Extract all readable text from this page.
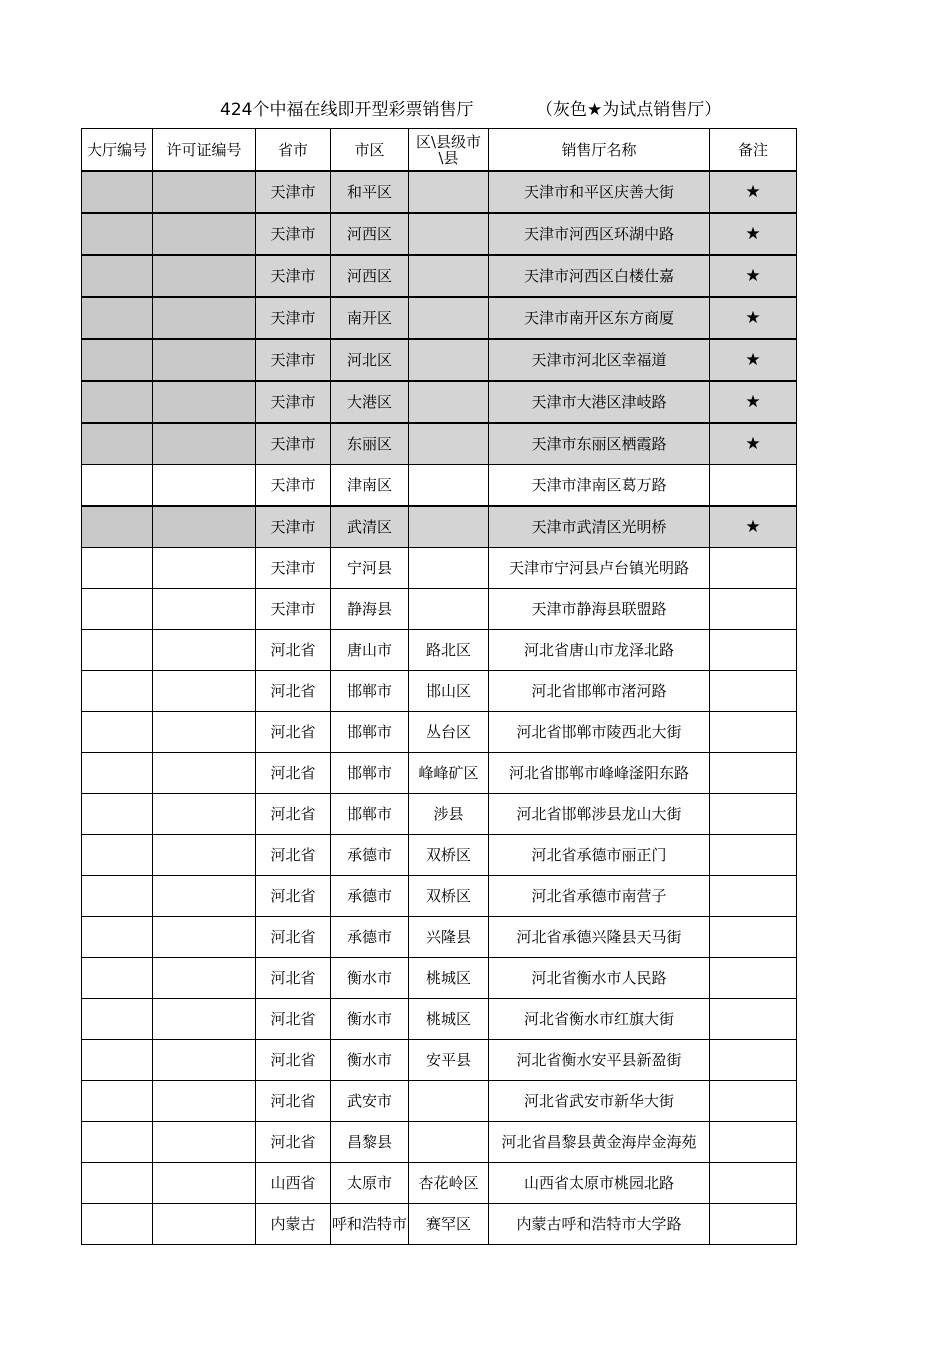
424个中福在线即开型彩票销售厅	（灰色★为试点销售厅）
大厅编号	许可证编号	省市	市区	区\县级市\县	销售厅名称	备注
		天津市	和平区		天津市和平区庆善大街	★
		天津市	河西区		天津市河西区环湖中路	★
		天津市	河西区		天津市河西区白楼仕嘉	★
		天津市	南开区		天津市南开区东方商厦	★
		天津市	河北区		天津市河北区幸福道	★
		天津市	大港区		天津市大港区津岐路	★
		天津市	东丽区		天津市东丽区栖霞路	★
		天津市	津南区		天津市津南区葛万路	
		天津市	武清区		天津市武清区光明桥	★
		天津市	宁河县		天津市宁河县卢台镇光明路	
		天津市	静海县		天津市静海县联盟路	
		河北省	唐山市	路北区	河北省唐山市龙泽北路	
		河北省	邯郸市	邯山区	河北省邯郸市渚河路	
		河北省	邯郸市	丛台区	河北省邯郸市陵西北大街	
		河北省	邯郸市	峰峰矿区	河北省邯郸市峰峰滏阳东路	
		河北省	邯郸市	涉县	河北省邯郸涉县龙山大街	
		河北省	承德市	双桥区	河北省承德市丽正门	
		河北省	承德市	双桥区	河北省承德市南营子	
		河北省	承德市	兴隆县	河北省承德兴隆县天马街	
		河北省	衡水市	桃城区	河北省衡水市人民路	
		河北省	衡水市	桃城区	河北省衡水市红旗大街	
		河北省	衡水市	安平县	河北省衡水安平县新盈街	
		河北省	武安市		河北省武安市新华大街	
		河北省	昌黎县		河北省昌黎县黄金海岸金海苑	
		山西省	太原市	杏花岭区	山西省太原市桃园北路	
		内蒙古	呼和浩特市	赛罕区	内蒙古呼和浩特市大学路	
